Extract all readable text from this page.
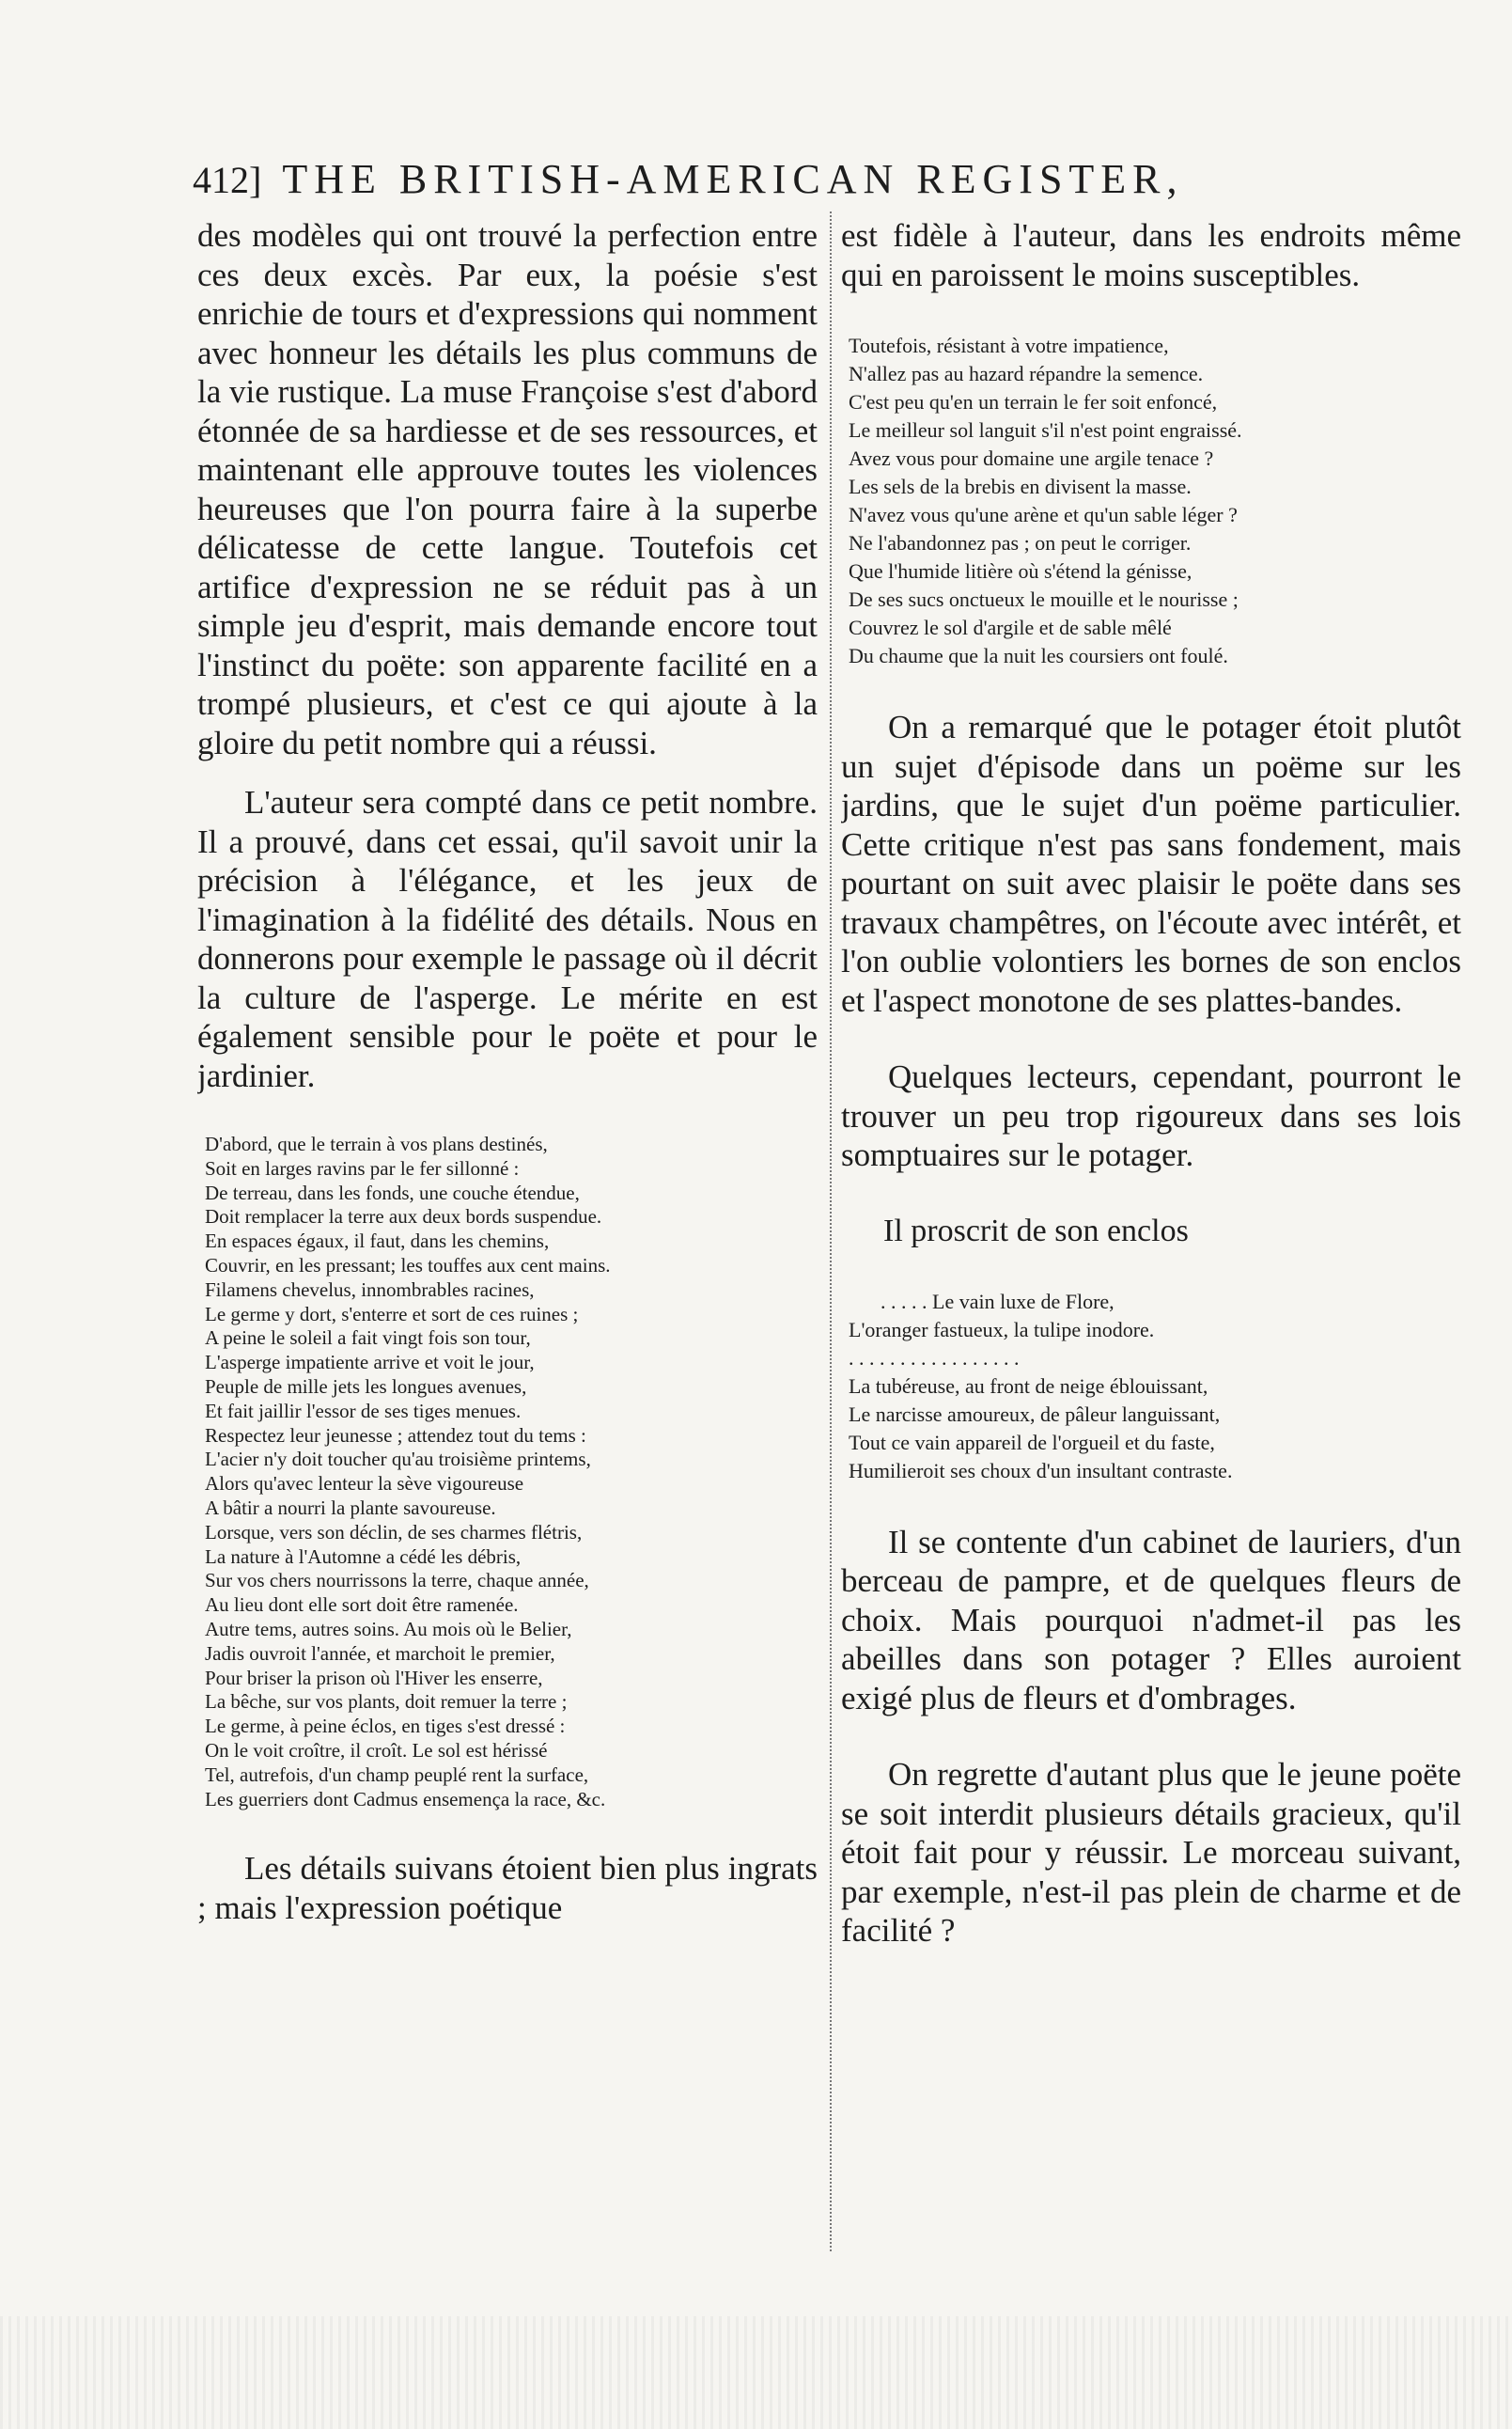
412] THE BRITISH-AMERICAN REGISTER,

des modèles qui ont trouvé la perfection entre ces deux excès. Par eux, la poésie s'est enrichie de tours et d'expressions qui nomment avec honneur les détails les plus communs de la vie rustique. La muse Françoise s'est d'abord étonnée de sa hardiesse et de ses ressources, et maintenant elle approuve toutes les violences heureuses que l'on pourra faire à la superbe délicatesse de cette langue. Toutefois cet artifice d'expression ne se réduit pas à un simple jeu d'esprit, mais demande encore tout l'instinct du poëte: son apparente facilité en a trompé plusieurs, et c'est ce qui ajoute à la gloire du petit nombre qui a réussi.

L'auteur sera compté dans ce petit nombre. Il a prouvé, dans cet essai, qu'il savoit unir la précision à l'élégance, et les jeux de l'imagination à la fidélité des détails. Nous en donnerons pour exemple le passage où il décrit la culture de l'asperge. Le mérite en est également sensible pour le poëte et pour le jardinier.

D'abord, que le terrain à vos plans destinés,
Soit en larges ravins par le fer sillonné :
De terreau, dans les fonds, une couche étendue,
Doit remplacer la terre aux deux bords suspendue.
En espaces égaux, il faut, dans les chemins,
Couvrir, en les pressant; les touffes aux cent mains.
Filamens chevelus, innombrables racines,
Le germe y dort, s'enterre et sort de ces ruines ;
A peine le soleil a fait vingt fois son tour,
L'asperge impatiente arrive et voit le jour,
Peuple de mille jets les longues avenues,
Et fait jaillir l'essor de ses tiges menues.
Respectez leur jeunesse ; attendez tout du tems :
L'acier n'y doit toucher qu'au troisième printems,
Alors qu'avec lenteur la sève vigoureuse
A bâtir a nourri la plante savoureuse.
Lorsque, vers son déclin, de ses charmes flétris,
La nature à l'Automne a cédé les débris,
Sur vos chers nourrissons la terre, chaque année,
Au lieu dont elle sort doit être ramenée.
Autre tems, autres soins. Au mois où le Belier,
Jadis ouvroit l'année, et marchoit le premier,
Pour briser la prison où l'Hiver les enserre,
La bêche, sur vos plants, doit remuer la terre ;
Le germe, à peine éclos, en tiges s'est dressé :
On le voit croître, il croît. Le sol est hérissé
Tel, autrefois, d'un champ peuplé rent la surface,
Les guerriers dont Cadmus ensemença la race, &c.

Les détails suivans étoient bien plus ingrats ; mais l'expression poétique

est fidèle à l'auteur, dans les endroits même qui en paroissent le moins susceptibles.

Toutefois, résistant à votre impatience,
N'allez pas au hazard répandre la semence.
C'est peu qu'en un terrain le fer soit enfoncé,
Le meilleur sol languit s'il n'est point engraissé.
Avez vous pour domaine une argile tenace ?
Les sels de la brebis en divisent la masse.
N'avez vous qu'une arène et qu'un sable léger ?
Ne l'abandonnez pas ; on peut le corriger.
Que l'humide litière où s'étend la génisse,
De ses sucs onctueux le mouille et le nourisse ;
Couvrez le sol d'argile et de sable mêlé
Du chaume que la nuit les coursiers ont foulé.

On a remarqué que le potager étoit plutôt un sujet d'épisode dans un poëme sur les jardins, que le sujet d'un poëme particulier. Cette critique n'est pas sans fondement, mais pourtant on suit avec plaisir le poëte dans ses travaux champêtres, on l'écoute avec intérêt, et l'on oublie volontiers les bornes de son enclos et l'aspect monotone de ses plattes-bandes.

Quelques lecteurs, cependant, pourront le trouver un peu trop rigoureux dans ses lois somptuaires sur le potager.

Il proscrit de son enclos

. . . . . Le vain luxe de Flore,
L'oranger fastueux, la tulipe inodore.
. . . . . . . . . . . . . . . . .
La tubéreuse, au front de neige éblouissant,
Le narcisse amoureux, de pâleur languissant,
Tout ce vain appareil de l'orgueil et du faste,
Humilieroit ses choux d'un insultant contraste.

Il se contente d'un cabinet de lauriers, d'un berceau de pampre, et de quelques fleurs de choix. Mais pourquoi n'admet-il pas les abeilles dans son potager ? Elles auroient exigé plus de fleurs et d'ombrages.

On regrette d'autant plus que le jeune poëte se soit interdit plusieurs détails gracieux, qu'il étoit fait pour y réussir. Le morceau suivant, par exemple, n'est-il pas plein de charme et de facilité ?
